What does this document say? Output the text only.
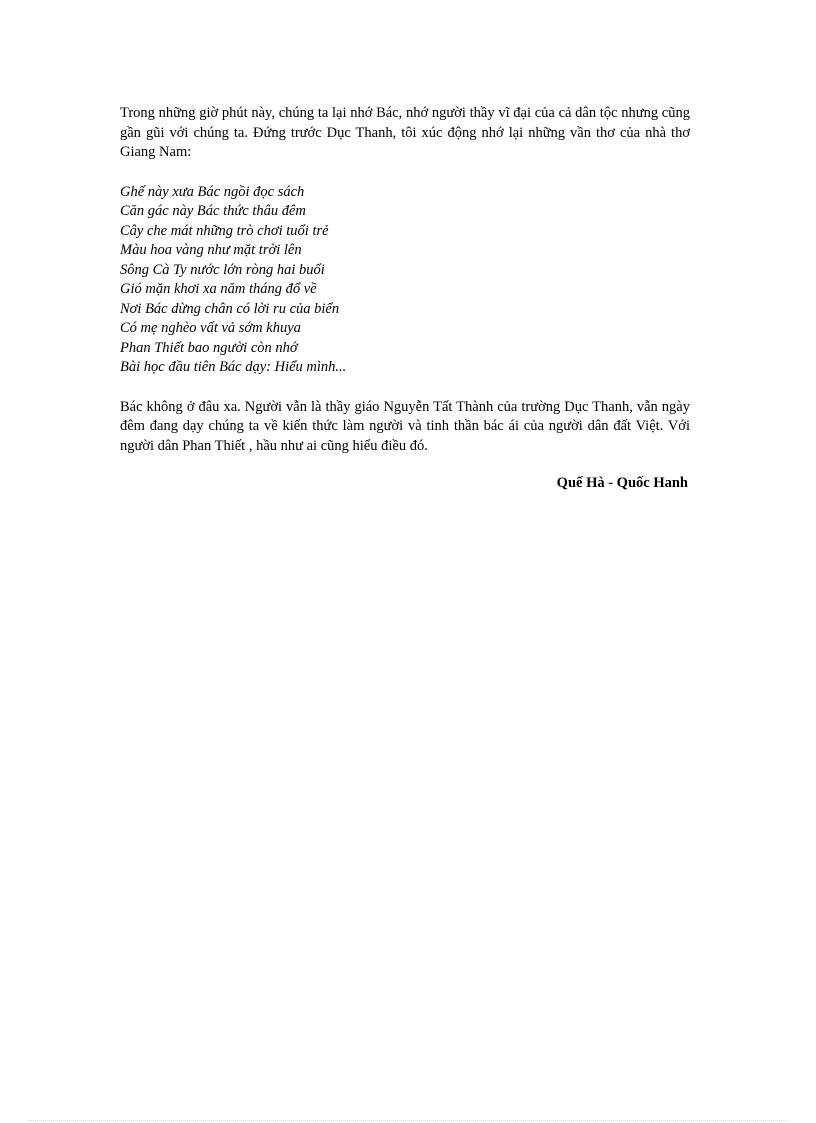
Trong những giờ phút này, chúng ta lại nhớ Bác, nhớ người thầy vĩ đại của cả dân tộc nhưng cũng gần gũi với chúng ta. Đứng trước Dục Thanh, tôi xúc động nhớ lại những vần thơ của nhà thơ Giang Nam:

Ghế này xưa Bác ngồi đọc sách
Căn gác này Bác thức thâu đêm
Cây che mát những trò chơi tuổi trẻ
Màu hoa vàng như mặt trời lên
Sông Cà Ty nước lớn ròng hai buổi
Gió mặn khơi xa năm tháng đổ về
Nơi Bác dừng chân có lời ru của biển
Có mẹ nghèo vất vả sớm khuya
Phan Thiết bao người còn nhớ
Bài học đầu tiên Bác dạy: Hiểu mình...

Bác không ở đâu xa. Người vẫn là thầy giáo Nguyễn Tất Thành của trường Dục Thanh, vẫn ngày đêm đang dạy chúng ta về kiến thức làm người và tinh thần bác ái của người dân đất Việt. Với người dân Phan Thiết , hầu như ai cũng hiểu điều đó.

Quế Hà - Quốc Hanh
